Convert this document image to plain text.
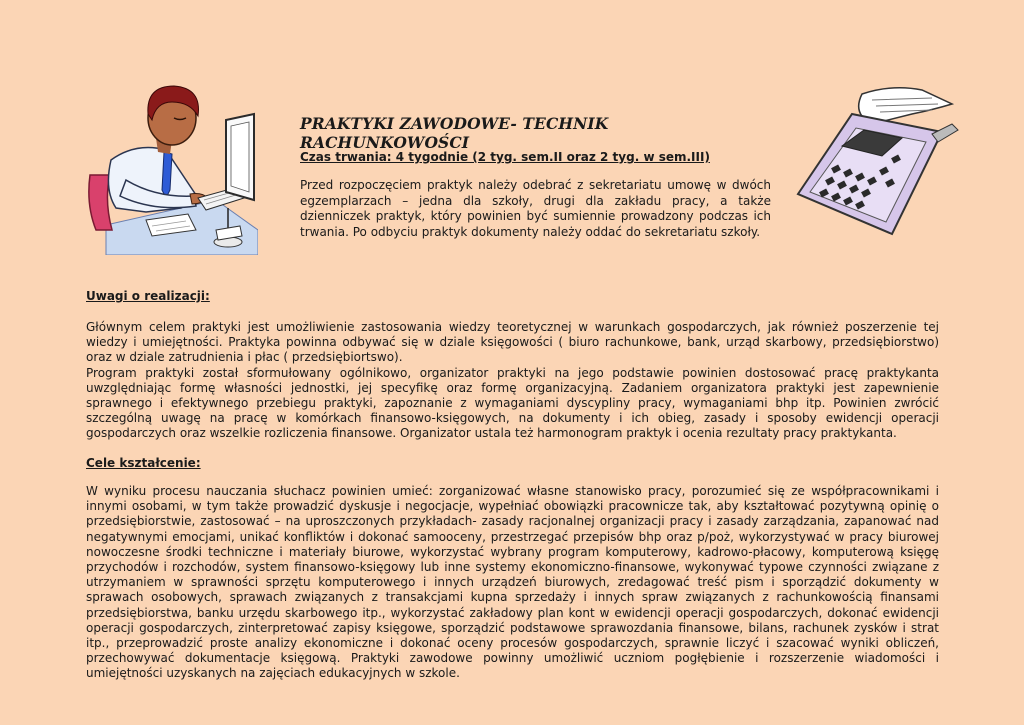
PRAKTYKI ZAWODOWE- TECHNIK RACHUNKOWOŚCI
Czas trwania: 4 tygodnie (2 tyg. sem.II oraz 2 tyg. w sem.III)
Przed rozpoczęciem praktyk należy odebrać z sekretariatu umowę w dwóch egzemplarzach – jedna dla szkoły, drugi dla zakładu pracy, a także dzienniczek praktyk, który powinien być sumiennie prowadzony podczas ich trwania. Po odbyciu praktyk dokumenty należy oddać do sekretariatu szkoły.
Uwagi o realizacji:

Głównym celem praktyki jest umożliwienie zastosowania wiedzy teoretycznej w warunkach gospodarczych, jak również poszerzenie tej wiedzy i umiejętności. Praktyka powinna odbywać się w dziale księgowości ( biuro rachunkowe, bank, urząd skarbowy, przedsiębiorstwo) oraz w dziale zatrudnienia i płac ( przedsiębiortswo).

Program praktyki został sformułowany ogólnikowo, organizator praktyki na jego podstawie powinien dostosować pracę praktykanta uwzględniając formę własności jednostki, jej specyfikę oraz formę organizacyjną. Zadaniem organizatora praktyki jest zapewnienie sprawnego i efektywnego przebiegu praktyki, zapoznanie z wymaganiami dyscypliny pracy, wymaganiami bhp itp. Powinien zwrócić szczególną uwagę na pracę w komórkach finansowo-księgowych, na dokumenty i ich obieg, zasady i sposoby ewidencji operacji gospodarczych oraz wszelkie rozliczenia finansowe. Organizator ustala też harmonogram praktyk i ocenia rezultaty pracy praktykanta.

Cele kształcenie:

W wyniku procesu nauczania słuchacz powinien umieć: zorganizować własne stanowisko pracy, porozumieć się ze współpracownikami i innymi osobami, w tym także prowadzić dyskusje i negocjacje, wypełniać obowiązki pracownicze tak, aby kształtować pozytywną opinię o przedsiębiorstwie, zastosować – na uproszczonych przykładach- zasady racjonalnej organizacji pracy i zasady zarządzania, zapanować nad negatywnymi emocjami, unikać konfliktów i dokonać samooceny, przestrzegać przepisów bhp oraz p/poż, wykorzystywać w pracy biurowej nowoczesne środki techniczne i materiały biurowe, wykorzystać wybrany program komputerowy, kadrowo-płacowy, komputerową księgę przychodów i rozchodów, system finansowo-księgowy lub inne systemy ekonomiczno-finansowe, wykonywać typowe czynności związane z utrzymaniem w sprawności sprzętu komputerowego i innych urządzeń biurowych, zredagować treść pism i sporządzić dokumenty w sprawach osobowych, sprawach związanych z transakcjami kupna sprzedaży i innych spraw związanych z rachunkowością finansami przedsiębiorstwa, banku urzędu skarbowego itp., wykorzystać zakładowy plan kont w ewidencji operacji gospodarczych, dokonać ewidencji operacji gospodarczych, zinterpretować zapisy księgowe, sporządzić podstawowe sprawozdania finansowe, bilans, rachunek zysków i strat itp., przeprowadzić proste analizy ekonomiczne i dokonać oceny procesów gospodarczych, sprawnie liczyć i szacować wyniki obliczeń, przechowywać dokumentacje księgową. Praktyki zawodowe powinny umożliwić uczniom pogłębienie i rozszerzenie wiadomości i umiejętności uzyskanych na zajęciach edukacyjnych w szkole.
